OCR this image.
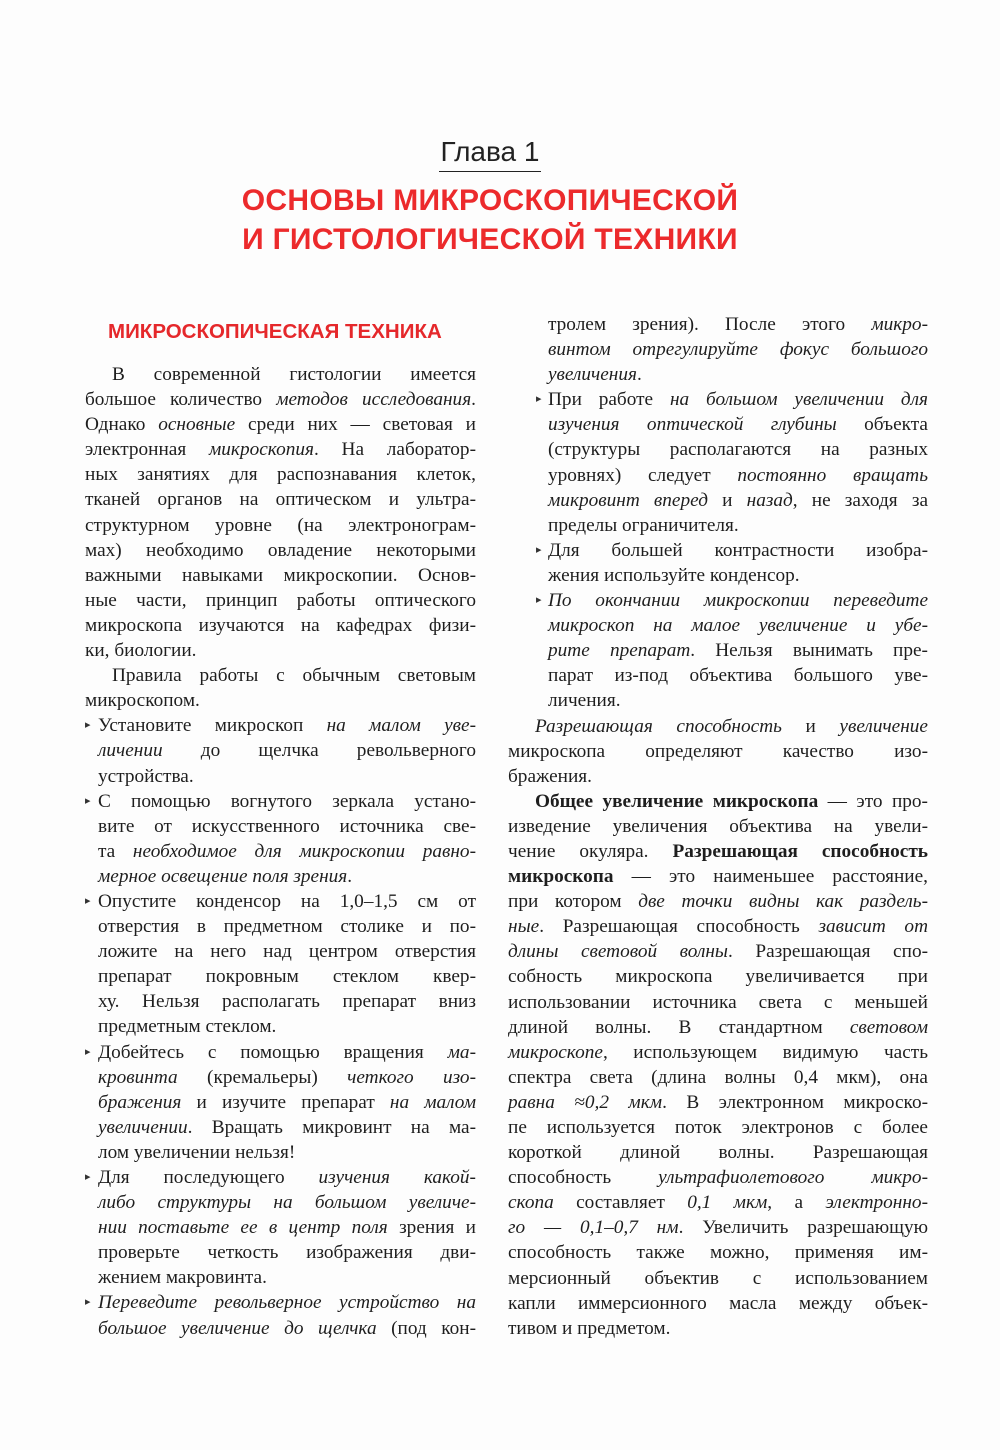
Глава 1
ОСНОВЫ МИКРОСКОПИЧЕСКОЙ
И ГИСТОЛОГИЧЕСКОЙ ТЕХНИКИ
МИКРОСКОПИЧЕСКАЯ ТЕХНИКА
В современной гистологии имеется
большое количество методов исследования.
Однако основные среди них — световая и
электронная микроскопия. На лаборатор-
ных занятиях для распознавания клеток,
тканей органов на оптическом и ультра-
структурном уровне (на электронограм-
мах) необходимо овладение некоторыми
важными навыками микроскопии. Основ-
ные части, принцип работы оптического
микроскопа изучаются на кафедрах физи-
ки, биологии.
Правила работы с обычным световым
микроскопом.
▸ Установите микроскоп на малом уве-
личении до щелчка револьверного
устройства.
▸ С помощью вогнутого зеркала устано-
вите от искусственного источника све-
та необходимое для микроскопии равно-
мерное освещение поля зрения.
▸ Опустите конденсор на 1,0–1,5 см от
отверстия в предметном столике и по-
ложите на него над центром отверстия
препарат покровным стеклом квер-
ху. Нельзя располагать препарат вниз
предметным стеклом.
▸ Добейтесь с помощью вращения ма-
кровинта (кремальеры) четкого изо-
бражения и изучите препарат на малом
увеличении. Вращать микровинт на ма-
лом увеличении нельзя!
▸ Для последующего изучения какой-
либо структуры на большом увеличе-
нии поставьте ее в центр поля зрения и
проверьте четкость изображения дви-
жением макровинта.
▸ Переведите револьверное устройство на
большое увеличение до щелчка (под кон-
тролем зрения). После этого микро-
винтом отрегулируйте фокус большого
увеличения.
▸ При работе на большом увеличении для
изучения оптической глубины объекта
(структуры располагаются на разных
уровнях) следует постоянно вращать
микровинт вперед и назад, не заходя за
пределы ограничителя.
▸ Для большей контрастности изобра-
жения используйте конденсор.
▸ По окончании микроскопии переведите
микроскоп на малое увеличение и убе-
рите препарат. Нельзя вынимать пре-
парат из-под объектива большого уве-
личения.
Разрешающая способность и увеличение
микроскопа определяют качество изо-
бражения.
Общее увеличение микроскопа — это про-
изведение увеличения объектива на увели-
чение окуляра. Разрешающая способность
микроскопа — это наименьшее расстояние,
при котором две точки видны как раздель-
ные. Разрешающая способность зависит от
длины световой волны. Разрешающая спо-
собность микроскопа увеличивается при
использовании источника света с меньшей
длиной волны. В стандартном световом
микроскопе, использующем видимую часть
спектра света (длина волны 0,4 мкм), она
равна ≈0,2 мкм. В электронном микроско-
пе используется поток электронов с более
короткой длиной волны. Разрешающая
способность ультрафиолетового микро-
скопа составляет 0,1 мкм, а электронно-
го — 0,1–0,7 нм. Увеличить разрешающую
способность также можно, применяя им-
мерсионный объектив с использованием
капли иммерсионного масла между объек-
тивом и предметом.
